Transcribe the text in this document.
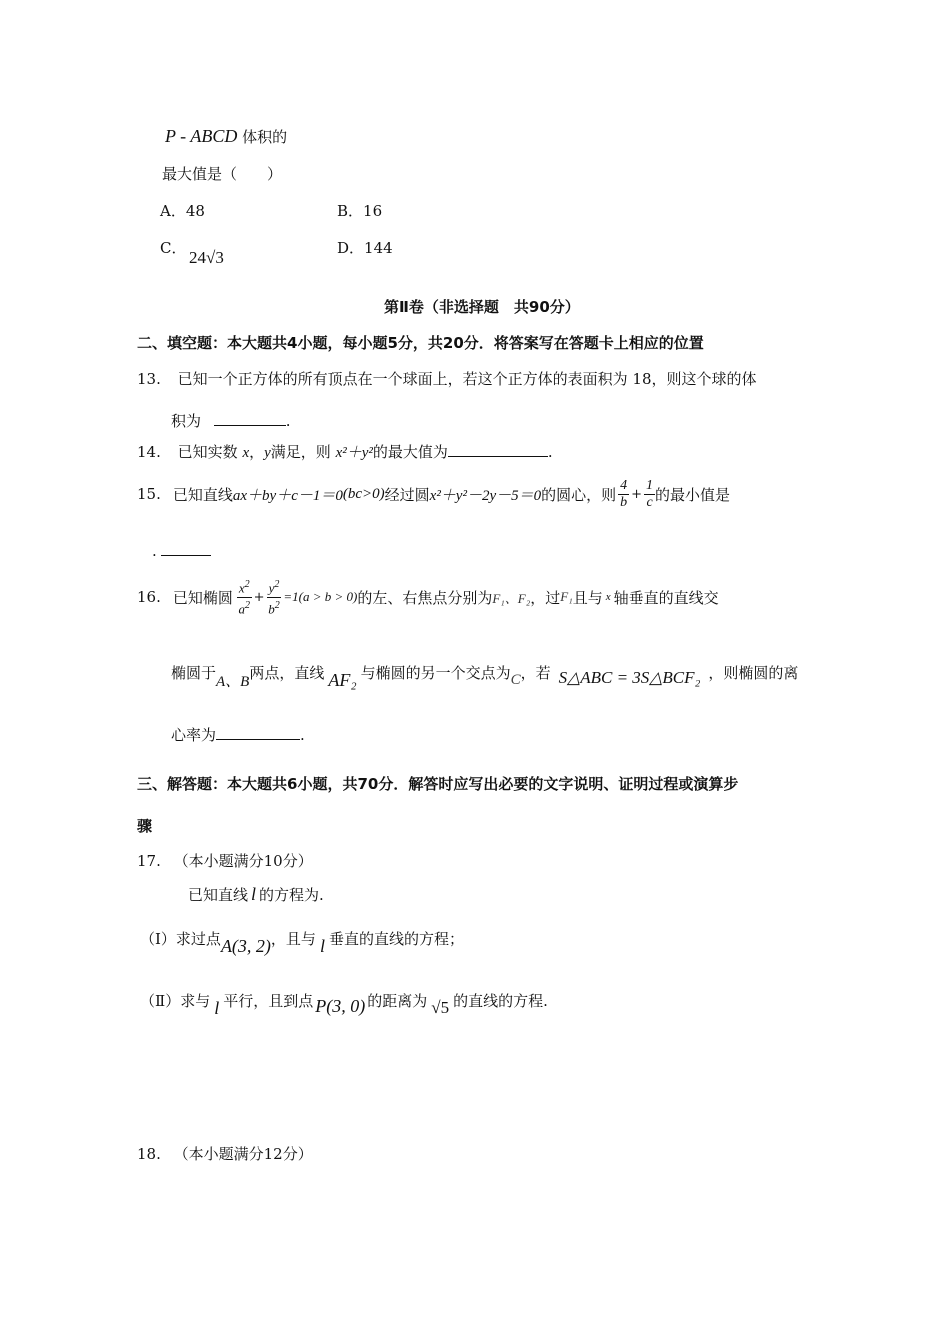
P - ABCD 体积的
最大值是（　　）
A．48	B．16
C． 24√3	D．144
第Ⅱ卷（非选择题　共90分）
二、填空题：本大题共4小题，每小题5分，共20分．将答案写在答题卡上相应的位置
13. 已知一个正方体的所有顶点在一个球面上，若这个正方体的表面积为 18，则这个球的体
积为	.
14. 已知实数 x，y满足，则 x²＋y²的最大值为	.
15. 已知直线 ax＋by＋c－1＝0 (bc>0) 经过圆 x²＋y²－2y－5＝0 的圆心，则 $\frac{4}{b} + \frac{1}{c}$ 的最小值是
.
16. 已知椭圆 $\frac{x^2}{a^2} + \frac{y^2}{b^2} =1(a > b > 0)$ 的左、右焦点分别为 F₁、F₂ ，过 F₁ 且与 x 轴垂直的直线交
椭圆于 A、B 两点，直线 AF₂ 与椭圆的另一个交点为 C ，若 S△ABC = 3S△BCF₂ ，则椭圆的离
心率为	.
三、解答题：本大题共6小题，共70分．解答时应写出必要的文字说明、证明过程或演算步
骤
17. （本小题满分10分）
已知直线 l 的方程为.
（Ⅰ）求过点 A(3, 2) ，且与 l 垂直的直线的方程；
（Ⅱ）求与 l 平行，且到点 P(3, 0) 的距离为 √5 的直线的方程.
18. （本小题满分12分）
